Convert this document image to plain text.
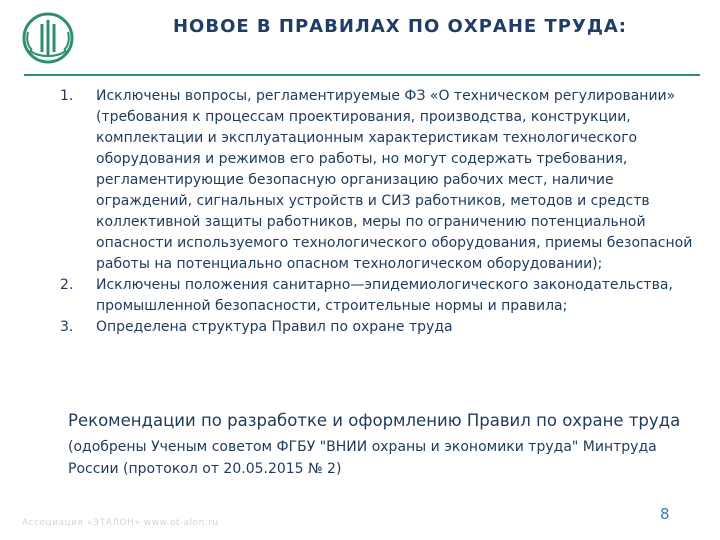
НОВОЕ В ПРАВИЛАХ ПО ОХРАНЕ ТРУДА:
1.	Исключены вопросы, регламентируемые ФЗ «О техническом регулировании» (требования к процессам проектирования, производства, конструкции, комплектации и эксплуатационным характеристикам технологического оборудования и режимов его работы, но могут содержать требования, регламентирующие безопасную организацию рабочих мест, наличие ограждений, сигнальных устройств и СИЗ работников, методов и средств коллективной защиты работников, меры по ограничению потенциальной опасности используемого технологического оборудования, приемы безопасной работы на потенциально опасном технологическом оборудовании);
2.	Исключены положения санитарно—эпидемиологического законодательства, промышленной безопасности, строительные нормы и правила;
3.	Определена структура Правил по охране труда
Рекомендации по разработке и оформлению Правил по охране труда
(одобрены Ученым советом ФГБУ "ВНИИ охраны и экономики труда" Минтруда России (протокол от 20.05.2015 № 2)
Ассоциация «ЭТАЛОН» www.ot-alon.ru	8
